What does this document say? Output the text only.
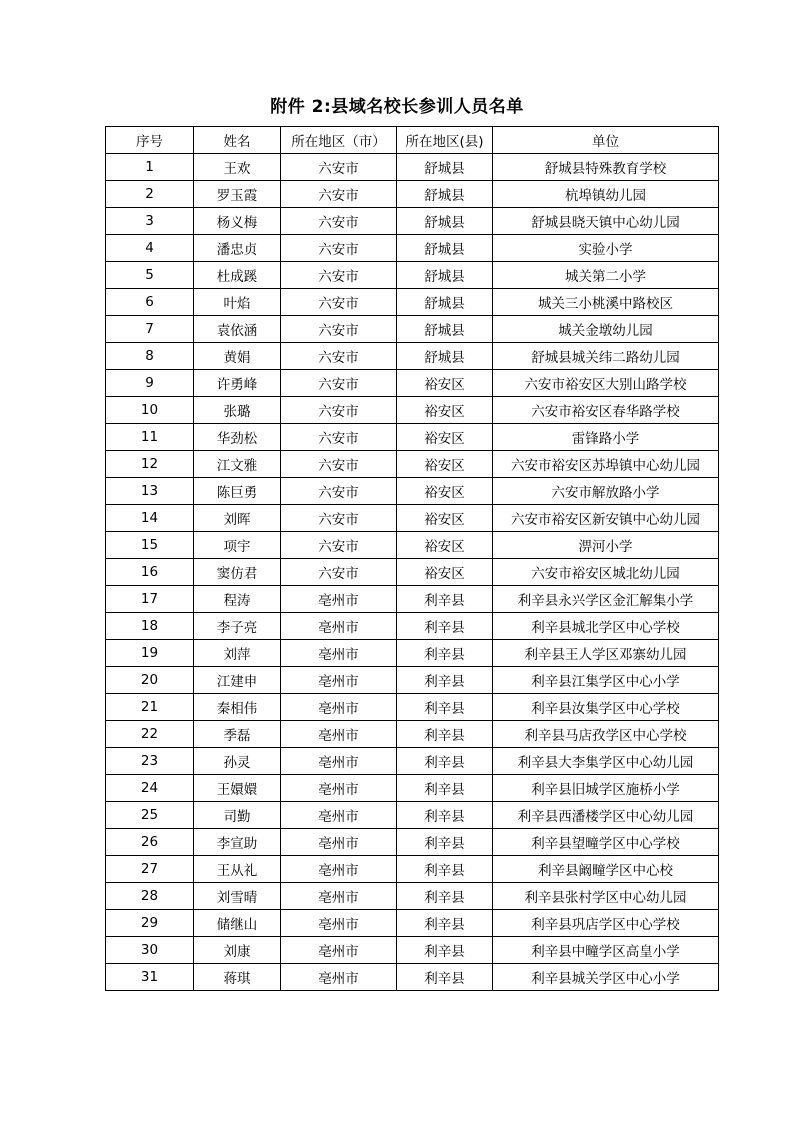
附件 2:县域名校长参训人员名单
序号	姓名	所在地区（市）	所在地区(县)	单位
1	王欢	六安市	舒城县	舒城县特殊教育学校
2	罗玉霞	六安市	舒城县	杭埠镇幼儿园
3	杨义梅	六安市	舒城县	舒城县晓天镇中心幼儿园
4	潘忠贞	六安市	舒城县	实验小学
5	杜成蹊	六安市	舒城县	城关第二小学
6	叶焰	六安市	舒城县	城关三小桃溪中路校区
7	袁依涵	六安市	舒城县	城关金墩幼儿园
8	黄娟	六安市	舒城县	舒城县城关纬二路幼儿园
9	许勇峰	六安市	裕安区	六安市裕安区大别山路学校
10	张璐	六安市	裕安区	六安市裕安区春华路学校
11	华劲松	六安市	裕安区	雷锋路小学
12	江文雅	六安市	裕安区	六安市裕安区苏埠镇中心幼儿园
13	陈巨勇	六安市	裕安区	六安市解放路小学
14	刘晖	六安市	裕安区	六安市裕安区新安镇中心幼儿园
15	项宇	六安市	裕安区	淠河小学
16	窦仿君	六安市	裕安区	六安市裕安区城北幼儿园
17	程涛	亳州市	利辛县	利辛县永兴学区金汇解集小学
18	李子亮	亳州市	利辛县	利辛县城北学区中心学校
19	刘萍	亳州市	利辛县	利辛县王人学区邓寨幼儿园
20	江建申	亳州市	利辛县	利辛县江集学区中心小学
21	秦相伟	亳州市	利辛县	利辛县汝集学区中心学校
22	季磊	亳州市	利辛县	利辛县马店孜学区中心学校
23	孙灵	亳州市	利辛县	利辛县大李集学区中心幼儿园
24	王嬛嬛	亳州市	利辛县	利辛县旧城学区施桥小学
25	司勤	亳州市	利辛县	利辛县西潘楼学区中心幼儿园
26	李宣助	亳州市	利辛县	利辛县望疃学区中心学校
27	王从礼	亳州市	利辛县	利辛县阚疃学区中心校
28	刘雪晴	亳州市	利辛县	利辛县张村学区中心幼儿园
29	储继山	亳州市	利辛县	利辛县巩店学区中心学校
30	刘康	亳州市	利辛县	利辛县中疃学区高皇小学
31	蒋琪	亳州市	利辛县	利辛县城关学区中心小学
